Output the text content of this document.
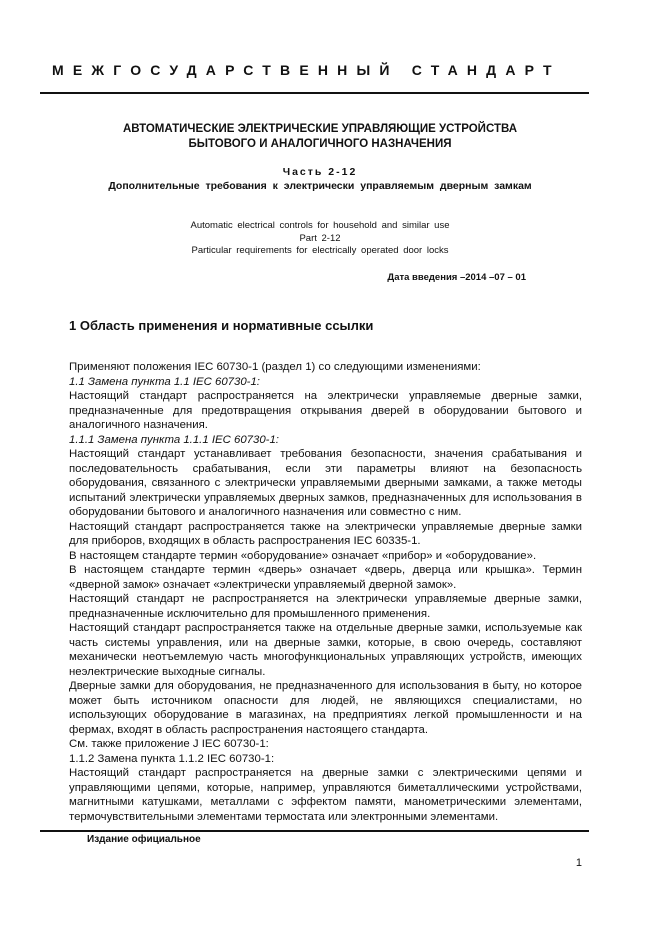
МЕЖГОСУДАРСТВЕННЫЙ СТАНДАРТ
АВТОМАТИЧЕСКИЕ ЭЛЕКТРИЧЕСКИЕ УПРАВЛЯЮЩИЕ УСТРОЙСТВА
БЫТОВОГО И АНАЛОГИЧНОГО НАЗНАЧЕНИЯ
Часть 2-12
Дополнительные требования к электрически управляемым дверным замкам
Automatic electrical controls for household and similar use
Part 2-12
Particular requirements for electrically operated door locks
Дата введения –2014 –07 – 01
1 Область применения и нормативные ссылки

Применяют положения IEC 60730-1 (раздел 1) со следующими изменениями:

1.1 Замена пункта 1.1 IEC 60730-1:

Настоящий стандарт распространяется на электрически управляемые дверные замки, предназначенные для предотвращения открывания дверей в оборудовании бытового и аналогичного назначения.

1.1.1 Замена пункта 1.1.1 IEC 60730-1:

Настоящий стандарт устанавливает требования безопасности, значения срабатывания и последовательность срабатывания, если эти параметры влияют на безопасность оборудования, связанного с электрически управляемыми дверными замками, а также методы испытаний электрически управляемых дверных замков, предназначенных для использования в оборудовании бытового и аналогичного назначения или совместно с ним.

Настоящий стандарт распространяется также на электрически управляемые дверные замки для приборов, входящих в область распространения IEC 60335-1.

В настоящем стандарте термин «оборудование» означает «прибор» и «оборудование».

В настоящем стандарте термин «дверь» означает «дверь, дверца или крышка». Термин «дверной замок» означает «электрически управляемый дверной замок».

Настоящий стандарт не распространяется на электрически управляемые дверные замки, предназначенные исключительно для промышленного применения.

Настоящий стандарт распространяется также на отдельные дверные замки, используемые как часть системы управления, или на дверные замки, которые, в свою очередь, составляют механически неотъемлемую часть многофункциональных управляющих устройств, имеющих неэлектрические выходные сигналы.

Дверные замки для оборудования, не предназначенного для использования в быту, но которое может быть источником опасности для людей, не являющихся специалистами, но использующих оборудование в магазинах, на предприятиях легкой промышленности и на фермах, входят в область распространения настоящего стандарта.

См. также приложение J IEC 60730-1:

1.1.2 Замена пункта 1.1.2 IEC 60730-1:

Настоящий стандарт распространяется на дверные замки с электрическими цепями и управляющими цепями, которые, например, управляются биметаллическими устройствами, магнитными катушками, металлами с эффектом памяти, манометрическими элементами, термочувствительными элементами термостата или электронными элементами.

Издание официальное
1
